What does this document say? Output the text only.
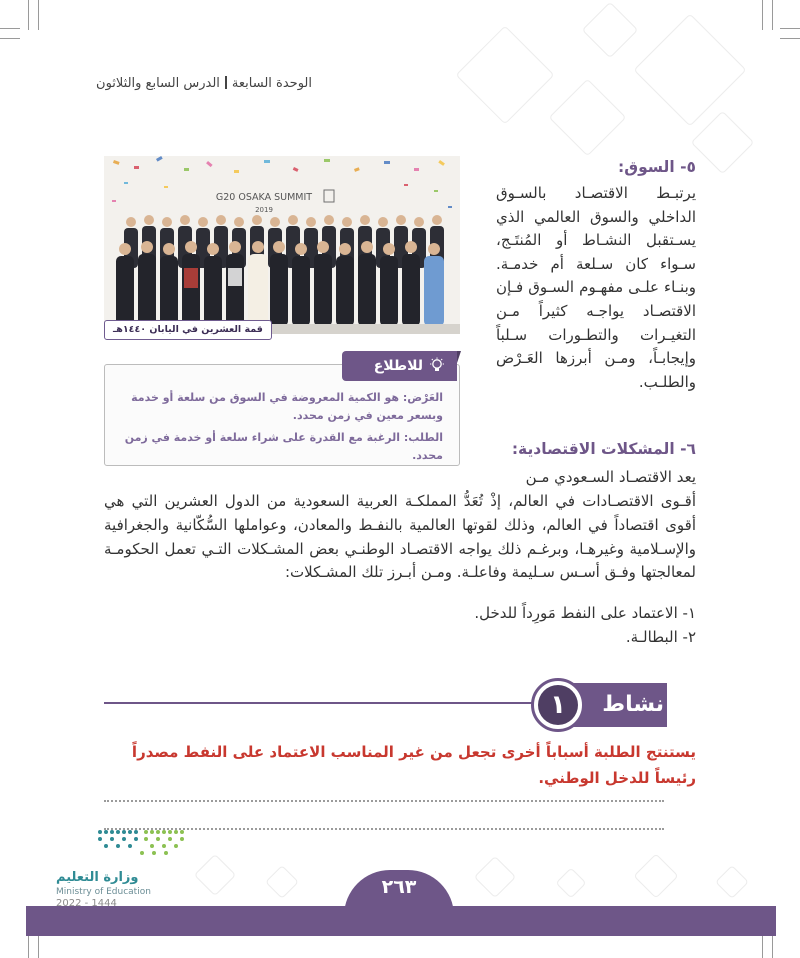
الوحدة السابعةالدرس السابع والثلاثون
G20 OSAKA SUMMIT
2019
قمة العشرين في اليابان ١٤٤٠هـ

العَرْض: هو الكمية المعروضة في السوق من سلعة أو خدمة وبسعر معين في زمن محدد.

الطلب: الرغبة مع القدرة على شراء سلعة أو خدمة في زمن محدد.

للاطلاع
٥- السوق:
يرتبـط الاقتصـاد بالسـوق الداخلي والسوق العالمي الذي يسـتقبل النشـاط أو المُنتَـج، سـواء كان سـلعة أم خدمـة. وبنـاء علـى مفهـوم السـوق فـإن الاقتصـاد يواجـه كثيراً مـن التغيـرات والتطـورات سـلباً وإيجابـاً، ومـن أبرزها العَـرْض والطلـب.
٦- المشكلات الاقتصادية:
يعد الاقتصـاد السـعودي مـن
أقـوى الاقتصـادات في العالم، إذْ تُعَدُّ المملكـة العربية السعودية من الدول العشرين التي هي أقوى اقتصاداً في العالم، وذلك لقوتها العالمية بالنفـط والمعادن، وعواملها السُّكّانية والجغرافية والإسـلامية وغيرهـا، وبرغـم ذلك يواجه الاقتصـاد الوطنـي بعض المشـكلات التـي تعمل الحكومـة لمعالجتها وفـق أسـس سـليمة وفاعلـة. ومـن أبـرز تلك المشـكلات:
١- الاعتماد على النفط مَورِداً للدخل.
٢- البطالـة.
نشاط
١
يستنتج الطلبة أسباباً أخرى تجعل من غير المناسب الاعتماد على النفط مصدراً رئيساً للدخل الوطني.
٢٦٣
وزارة التعليم
Ministry of Education
2022 - 1444
